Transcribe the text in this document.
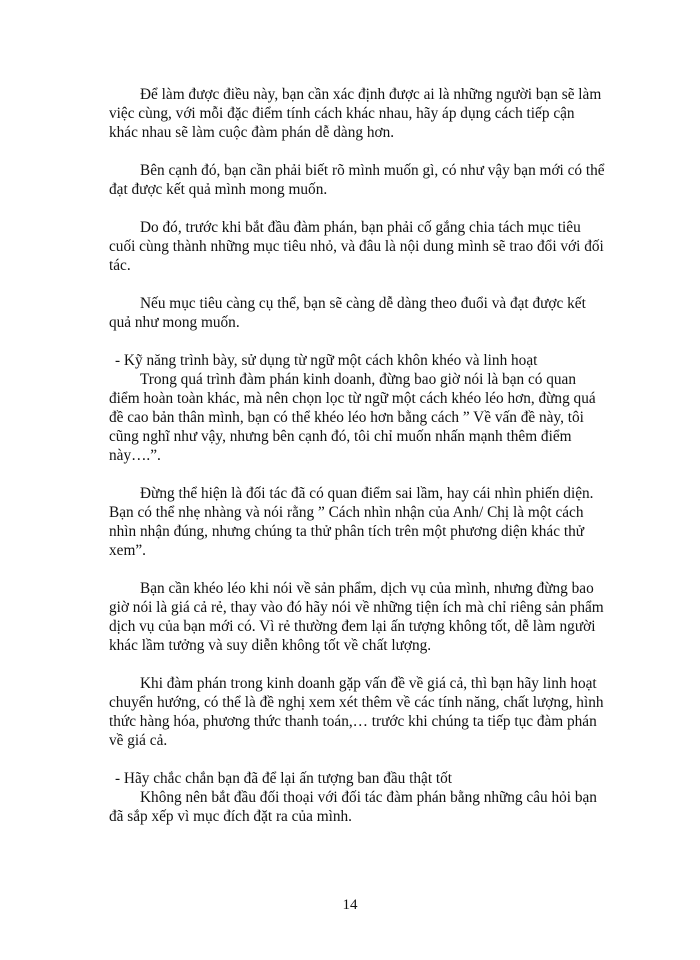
Để làm được điều này, bạn cần xác định được ai là những người bạn sẽ làm
việc cùng, với mỗi đặc điểm tính cách khác nhau, hãy áp dụng cách tiếp cận
khác nhau sẽ làm cuộc đàm phán dễ dàng hơn.
Bên cạnh đó, bạn cần phải biết rõ mình muốn gì, có như vậy bạn mới có thể
đạt được kết quả mình mong muốn.
Do đó, trước khi bắt đầu đàm phán, bạn phải cố gắng chia tách mục tiêu
cuối cùng thành những mục tiêu nhỏ, và đâu là nội dung mình sẽ trao đổi với đối
tác.
Nếu mục tiêu càng cụ thể, bạn sẽ càng dễ dàng theo đuổi và đạt được kết
quả như mong muốn.
- Kỹ năng trình bày, sử dụng từ ngữ một cách khôn khéo và linh hoạt
Trong quá trình đàm phán kinh doanh, đừng bao giờ nói là bạn có quan
điểm hoàn toàn khác, mà nên chọn lọc từ ngữ một cách khéo léo hơn, đừng quá
đề cao bản thân mình, bạn có thể khéo léo hơn bằng cách ” Về vấn đề này, tôi
cũng nghĩ như vậy, nhưng bên cạnh đó, tôi chỉ muốn nhấn mạnh thêm điểm
này….”.
Đừng thể hiện là đối tác đã có quan điểm sai lầm, hay cái nhìn phiến diện.
Bạn có thể nhẹ nhàng và nói rằng ” Cách nhìn nhận của Anh/ Chị là một cách
nhìn nhận đúng, nhưng chúng ta thử phân tích trên một phương diện khác thử
xem”.
Bạn cần khéo léo khi nói về sản phẩm, dịch vụ của mình, nhưng đừng bao
giờ nói là giá cả rẻ, thay vào đó hãy nói về những tiện ích mà chỉ riêng sản phẩm
dịch vụ của bạn mới có. Vì rẻ thường đem lại ấn tượng không tốt, dễ làm người
khác lầm tưởng và suy diễn không tốt về chất lượng.
Khi đàm phán trong kinh doanh gặp vấn đề về giá cả, thì bạn hãy linh hoạt
chuyển hướng, có thể là đề nghị xem xét thêm về các tính năng, chất lượng, hình
thức hàng hóa, phương thức thanh toán,… trước khi chúng ta tiếp tục đàm phán
về giá cả.
- Hãy chắc chắn bạn đã để lại ấn tượng ban đầu thật tốt
Không nên bắt đầu đối thoại với đối tác đàm phán bằng những câu hỏi bạn
đã sắp xếp vì mục đích đặt ra của mình.
14
